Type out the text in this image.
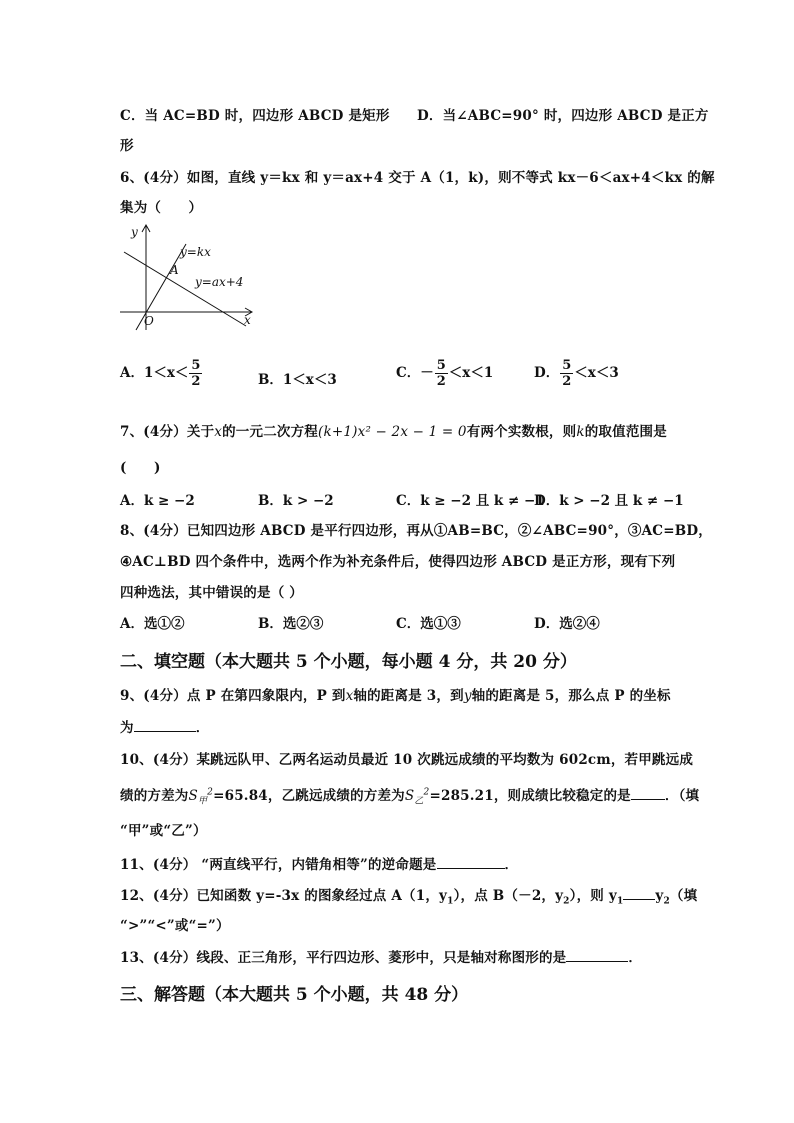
C．当 AC=BD 时，四边形 ABCD 是矩形　　D．当∠ABC=90° 时，四边形 ABCD 是正方
形
6、(4分）如图，直线 y＝kx 和 y＝ax+4 交于 A（1，k)，则不等式 kx－6＜ax+4＜kx 的解
集为（　　）
y
x
O
A
y=kx
y=ax+4
A．$1<x< \frac{5}{2}$	B．1＜x＜3	C．－ $\frac{5}{2} <x<1$	D． $\frac{5}{2} <x<3$
7、(4分）关于x的一元二次方程(k+1)x² − 2x − 1 = 0有两个实数根，则k的取值范围是
(　　)
A．k ≥ −2	B．k > −2	C．k ≥ −2 且 k ≠ −1
D．k > −2 且 k ≠ −1
8、(4分）已知四边形 ABCD 是平行四边形，再从①AB=BC，②∠ABC=90°，③AC=BD，
④AC⊥BD 四个条件中，选两个作为补充条件后，使得四边形 ABCD 是正方形，现有下列
四种选法，其中错误的是（ ）
A．选①②	B．选②③	C．选①③	D．选②④
二、填空题（本大题共 5 个小题，每小题 4 分，共 20 分）
9、(4分）点 P 在第四象限内，P 到x轴的距离是 3，到y轴的距离是 5，那么点 P 的坐标
为	．
10、(4分）某跳远队甲、乙两名运动员最近 10 次跳远成绩的平均数为 602cm，若甲跳远成
绩的方差为$S_甲^2=65.84$，乙跳远成绩的方差为$S_乙^2=285.21$，则成绩比较稳定的是	．（填
“甲”或“乙”）
11、(4分） “两直线平行，内错角相等”的逆命题是	．
12、(4分）已知函数 y=-3x 的图象经过点 A（1，$y_1$），点 B（－2，$y_2$），则 $y_1$ $y_2$（填
“>”“<”或“=”）
13、(4分）线段、正三角形，平行四边形、菱形中，只是轴对称图形的是	．
三、解答题（本大题共 5 个小题，共 48 分）
